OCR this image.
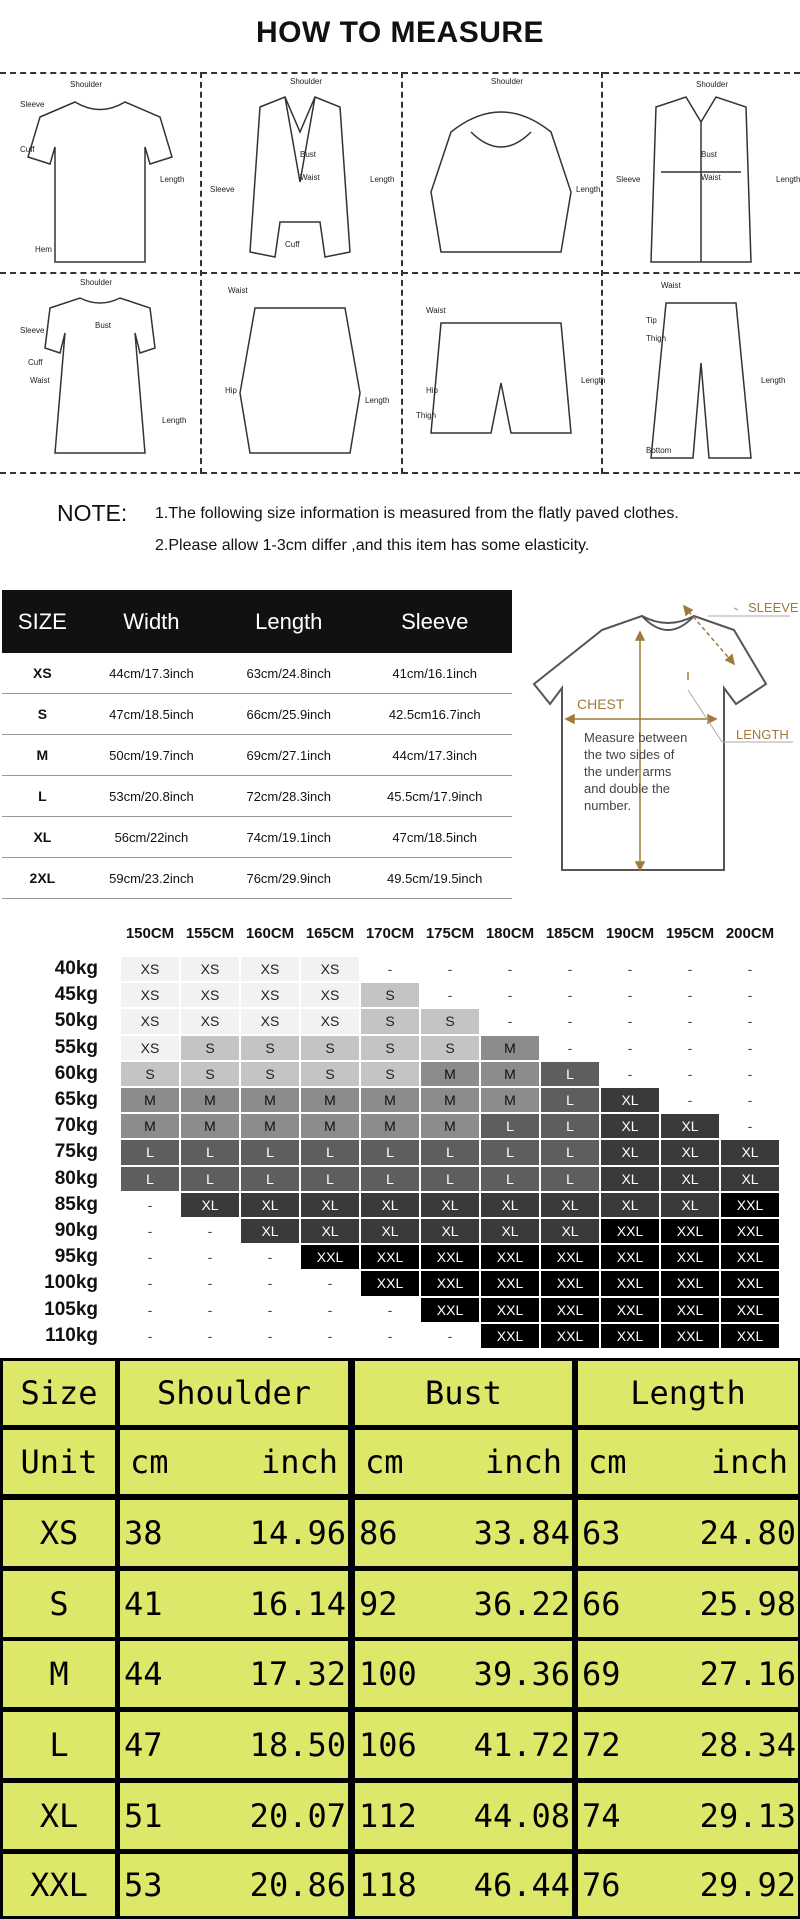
HOW TO MEASURE
Shoulder
Sleeve
Cuff
Length
Hem
Shoulder
Bust
Waist
Sleeve
Length
Cuff
Shoulder
Length
Shoulder
Bust
Waist
Sleeve	Length
Shoulder
Sleeve
Bust
Cuff
Waist
Length
Waist
Hip
Length
Waist
Hip
Thigh
Length
Waist
Tip
Thigh
Length
Bottom
NOTE: 1.The following size information is measured from the flatly paved clothes.
2.Please allow 1-3cm differ ,and this item has some elasticity.
SIZE	Width	Length	Sleeve
XS	44cm/17.3inch	63cm/24.8inch	41cm/16.1inch
S	47cm/18.5inch	66cm/25.9inch	42.5cm16.7inch
M	50cm/19.7inch	69cm/27.1inch	44cm/17.3inch
L	53cm/20.8inch	72cm/28.3inch	45.5cm/17.9inch
XL	56cm/22inch	74cm/19.1inch	47cm/18.5inch
2XL	59cm/23.2inch	76cm/29.9inch	49.5cm/19.5inch
SLEEVE
CHEST
LENGTH
Measure between
the two sides of
the under arms
and double the
number.
150CM 155CM 160CM 165CM 170CM 175CM 180CM 185CM 190CM 195CM 200CM
40kg	XS	XS	XS	XS	-	-	-	-	-	-	-
45kg	XS	XS	XS	XS	S	-	-	-	-	-	-
50kg	XS	XS	XS	XS	S	S	-	-	-	-	-
55kg	XS	S	S	S	S	S	M	-	-	-	-
60kg	S	S	S	S	S	M	M	L	-	-	-
65kg	M	M	M	M	M	M	M	L	XL	-	-
70kg	M	M	M	M	M	M	L	L	XL	XL	-
75kg	L	L	L	L	L	L	L	L	XL	XL	XL
80kg	L	L	L	L	L	L	L	L	XL	XL	XL
85kg	-	XL	XL	XL	XL	XL	XL	XL	XL	XL	XXL
90kg	-	-	XL	XL	XL	XL	XL	XL	XXL	XXL	XXL
95kg	-	-	-	XXL	XXL	XXL	XXL	XXL	XXL	XXL	XXL
100kg	-	-	-	-	XXL	XXL	XXL	XXL	XXL	XXL	XXL
105kg	-	-	-	-	-	XXL	XXL	XXL	XXL	XXL	XXL
110kg	-	-	-	-	-	-	XXL	XXL	XXL	XXL	XXL
Size	Shoulder	Bust	Length
Unit	cm	inch cm	inch cm	inch
XS	38	14.96 86 33.84 63 24.80
S	41	16.14 92 36.22 66 25.98
M	44	17.32 100 39.36 69 27.16
L	47	18.50 106 41.72 72 28.34
XL	51	20.07 112 44.08 74 29.13
XXL	53	20.86 118 46.44 76 29.92
